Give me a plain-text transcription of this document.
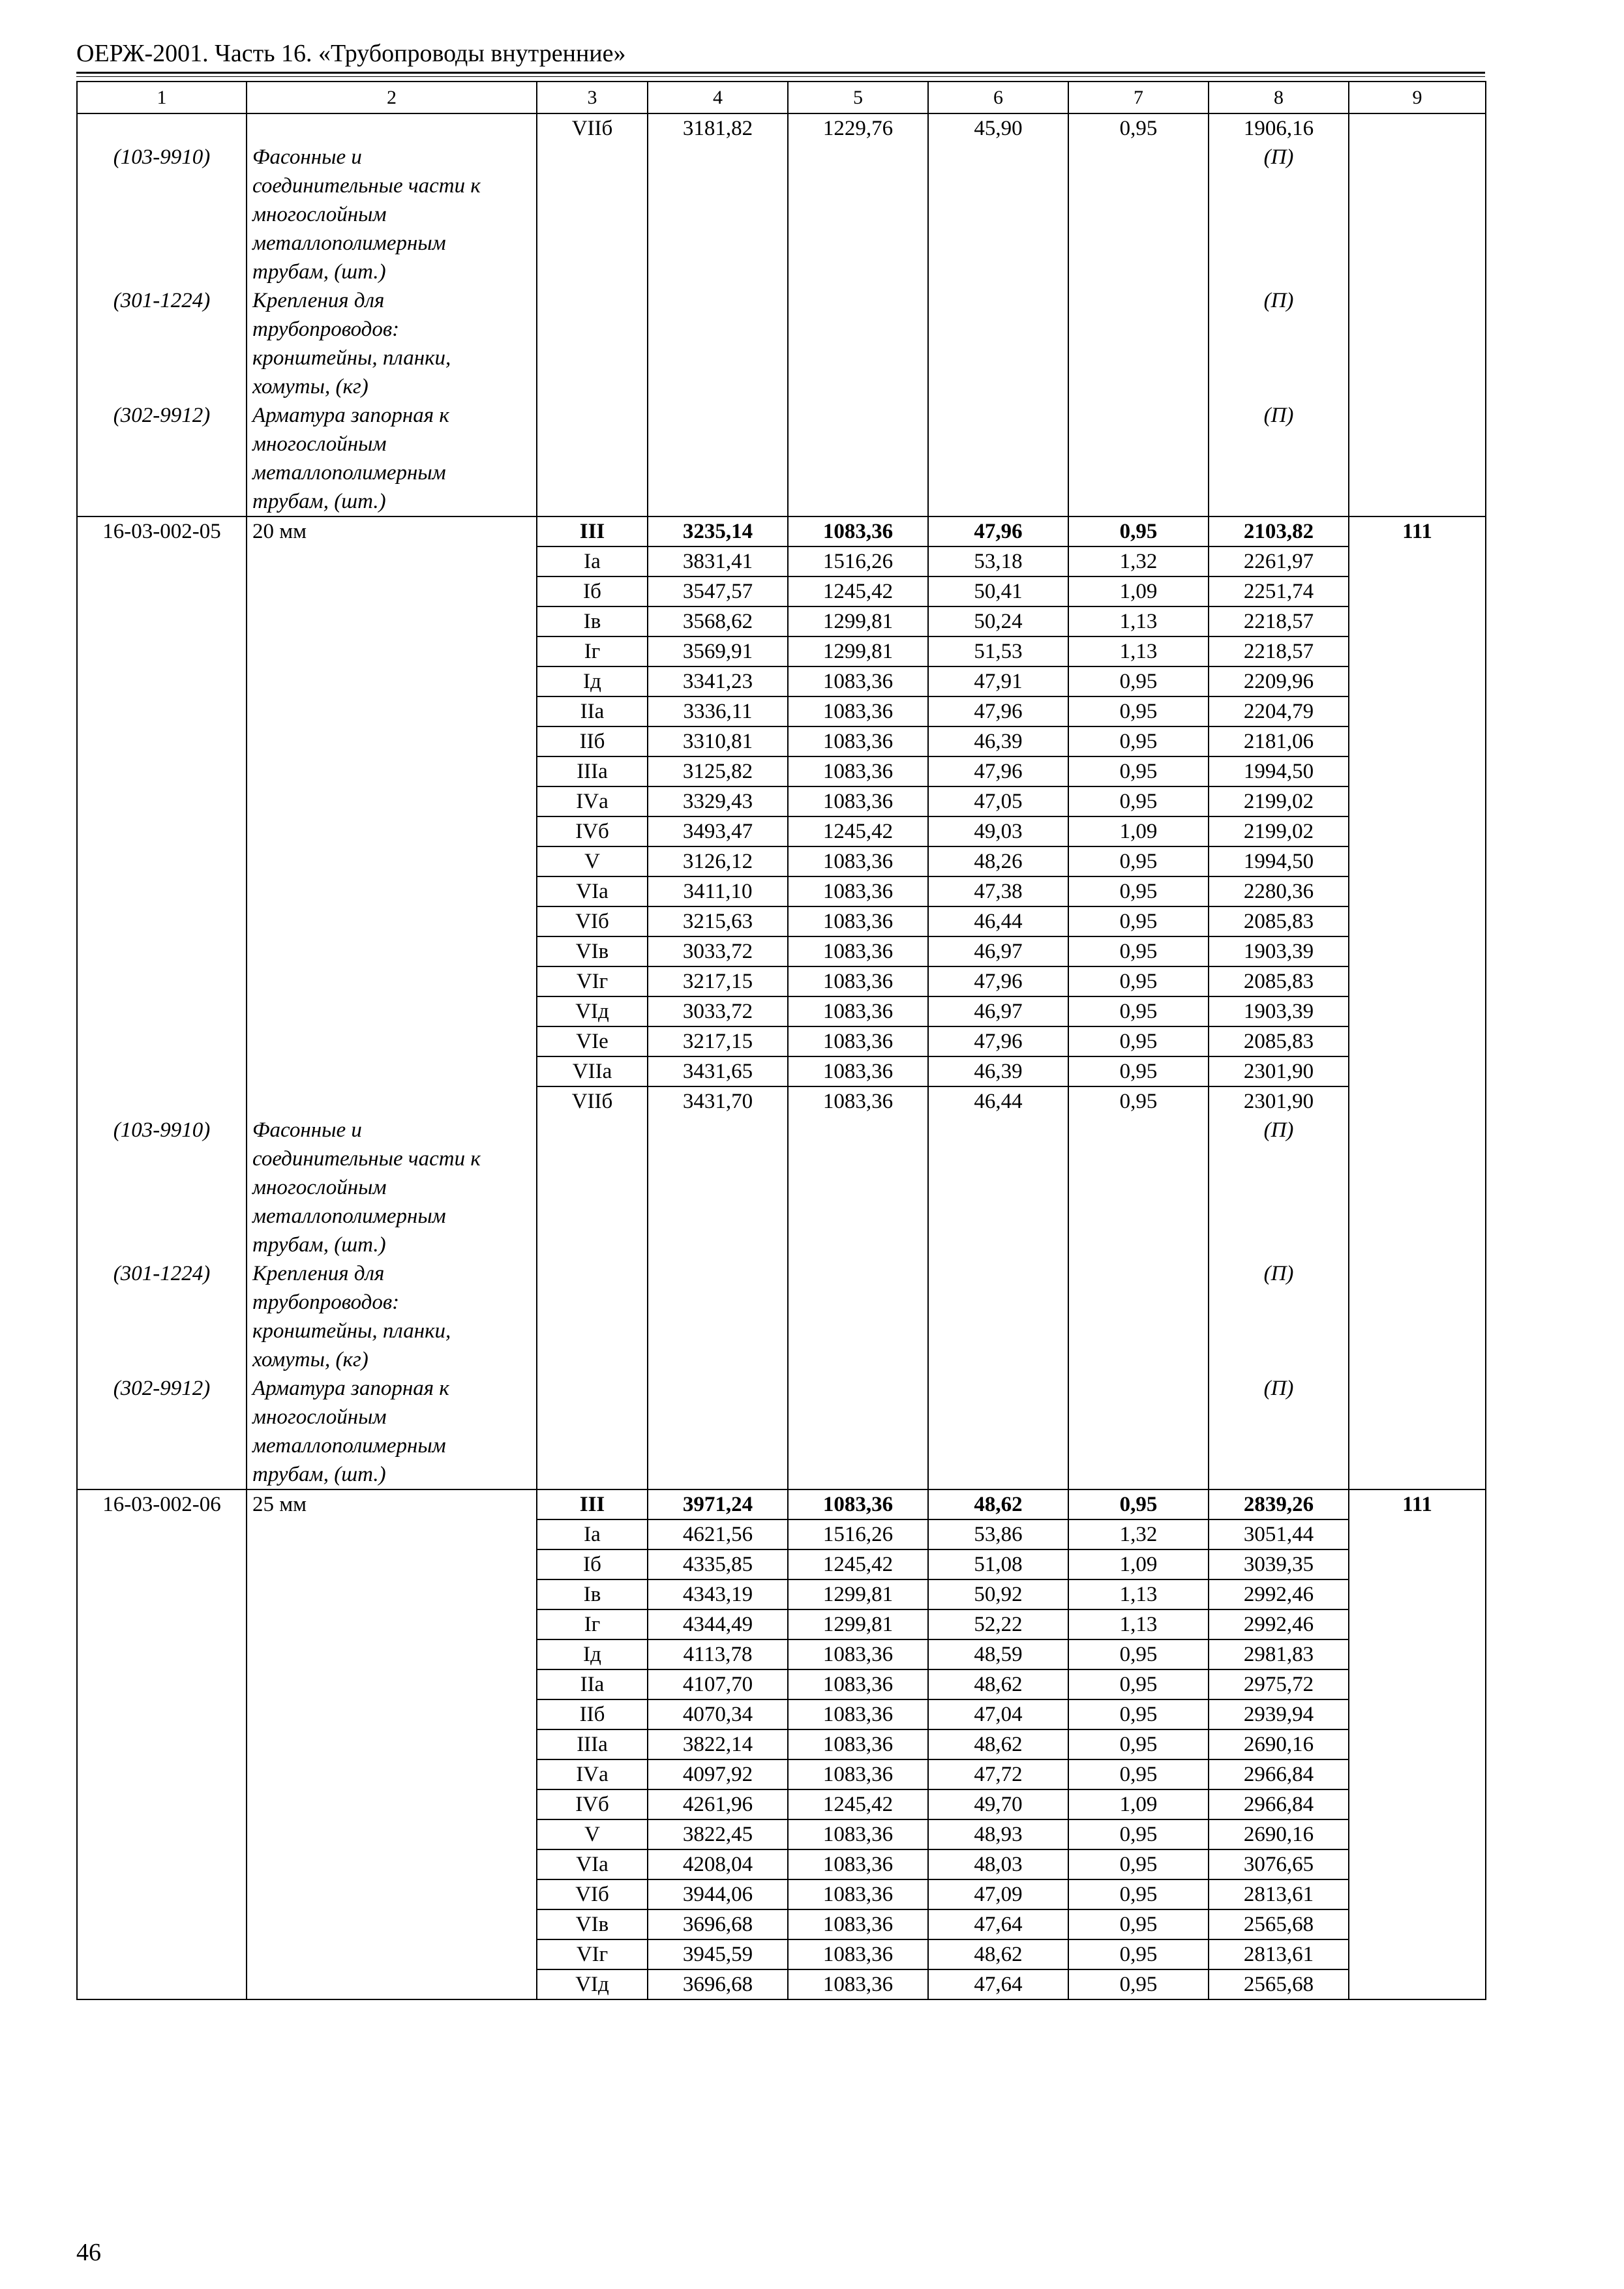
ОЕРЖ-2001. Часть 16. «Трубопроводы внутренние»
1	2	3	4	5	6	7	8	9
		VIIб	3181,82	1229,76	45,90	0,95	1906,16	
(103-9910)	Фасонные и
соединительные части к
многослойным
металлополимерным
трубам, (шт.)						(П)	
(301-1224)	Крепления для
трубопроводов:
кронштейны, планки,
хомуты, (кг)						(П)	
(302-9912)	Арматура запорная к
многослойным
металлополимерным
трубам, (шт.)						(П)	
16-03-002-05	20 мм	III	3235,14	1083,36	47,96	0,95	2103,82	111
		Iа	3831,41	1516,26	53,18	1,32	2261,97	
		Iб	3547,57	1245,42	50,41	1,09	2251,74	
		Iв	3568,62	1299,81	50,24	1,13	2218,57	
		Iг	3569,91	1299,81	51,53	1,13	2218,57	
		Iд	3341,23	1083,36	47,91	0,95	2209,96	
		IIа	3336,11	1083,36	47,96	0,95	2204,79	
		IIб	3310,81	1083,36	46,39	0,95	2181,06	
		IIIа	3125,82	1083,36	47,96	0,95	1994,50	
		IVа	3329,43	1083,36	47,05	0,95	2199,02	
		IVб	3493,47	1245,42	49,03	1,09	2199,02	
		V	3126,12	1083,36	48,26	0,95	1994,50	
		VIа	3411,10	1083,36	47,38	0,95	2280,36	
		VIб	3215,63	1083,36	46,44	0,95	2085,83	
		VIв	3033,72	1083,36	46,97	0,95	1903,39	
		VIг	3217,15	1083,36	47,96	0,95	2085,83	
		VIд	3033,72	1083,36	46,97	0,95	1903,39	
		VIе	3217,15	1083,36	47,96	0,95	2085,83	
		VIIа	3431,65	1083,36	46,39	0,95	2301,90	
		VIIб	3431,70	1083,36	46,44	0,95	2301,90	
(103-9910)	Фасонные и
соединительные части к
многослойным
металлополимерным
трубам, (шт.)						(П)	
(301-1224)	Крепления для
трубопроводов:
кронштейны, планки,
хомуты, (кг)						(П)	
(302-9912)	Арматура запорная к
многослойным
металлополимерным
трубам, (шт.)						(П)	
16-03-002-06	25 мм	III	3971,24	1083,36	48,62	0,95	2839,26	111
		Iа	4621,56	1516,26	53,86	1,32	3051,44	
		Iб	4335,85	1245,42	51,08	1,09	3039,35	
		Iв	4343,19	1299,81	50,92	1,13	2992,46	
		Iг	4344,49	1299,81	52,22	1,13	2992,46	
		Iд	4113,78	1083,36	48,59	0,95	2981,83	
		IIа	4107,70	1083,36	48,62	0,95	2975,72	
		IIб	4070,34	1083,36	47,04	0,95	2939,94	
		IIIа	3822,14	1083,36	48,62	0,95	2690,16	
		IVа	4097,92	1083,36	47,72	0,95	2966,84	
		IVб	4261,96	1245,42	49,70	1,09	2966,84	
		V	3822,45	1083,36	48,93	0,95	2690,16	
		VIа	4208,04	1083,36	48,03	0,95	3076,65	
		VIб	3944,06	1083,36	47,09	0,95	2813,61	
		VIв	3696,68	1083,36	47,64	0,95	2565,68	
		VIг	3945,59	1083,36	48,62	0,95	2813,61	
		VIд	3696,68	1083,36	47,64	0,95	2565,68	
46
